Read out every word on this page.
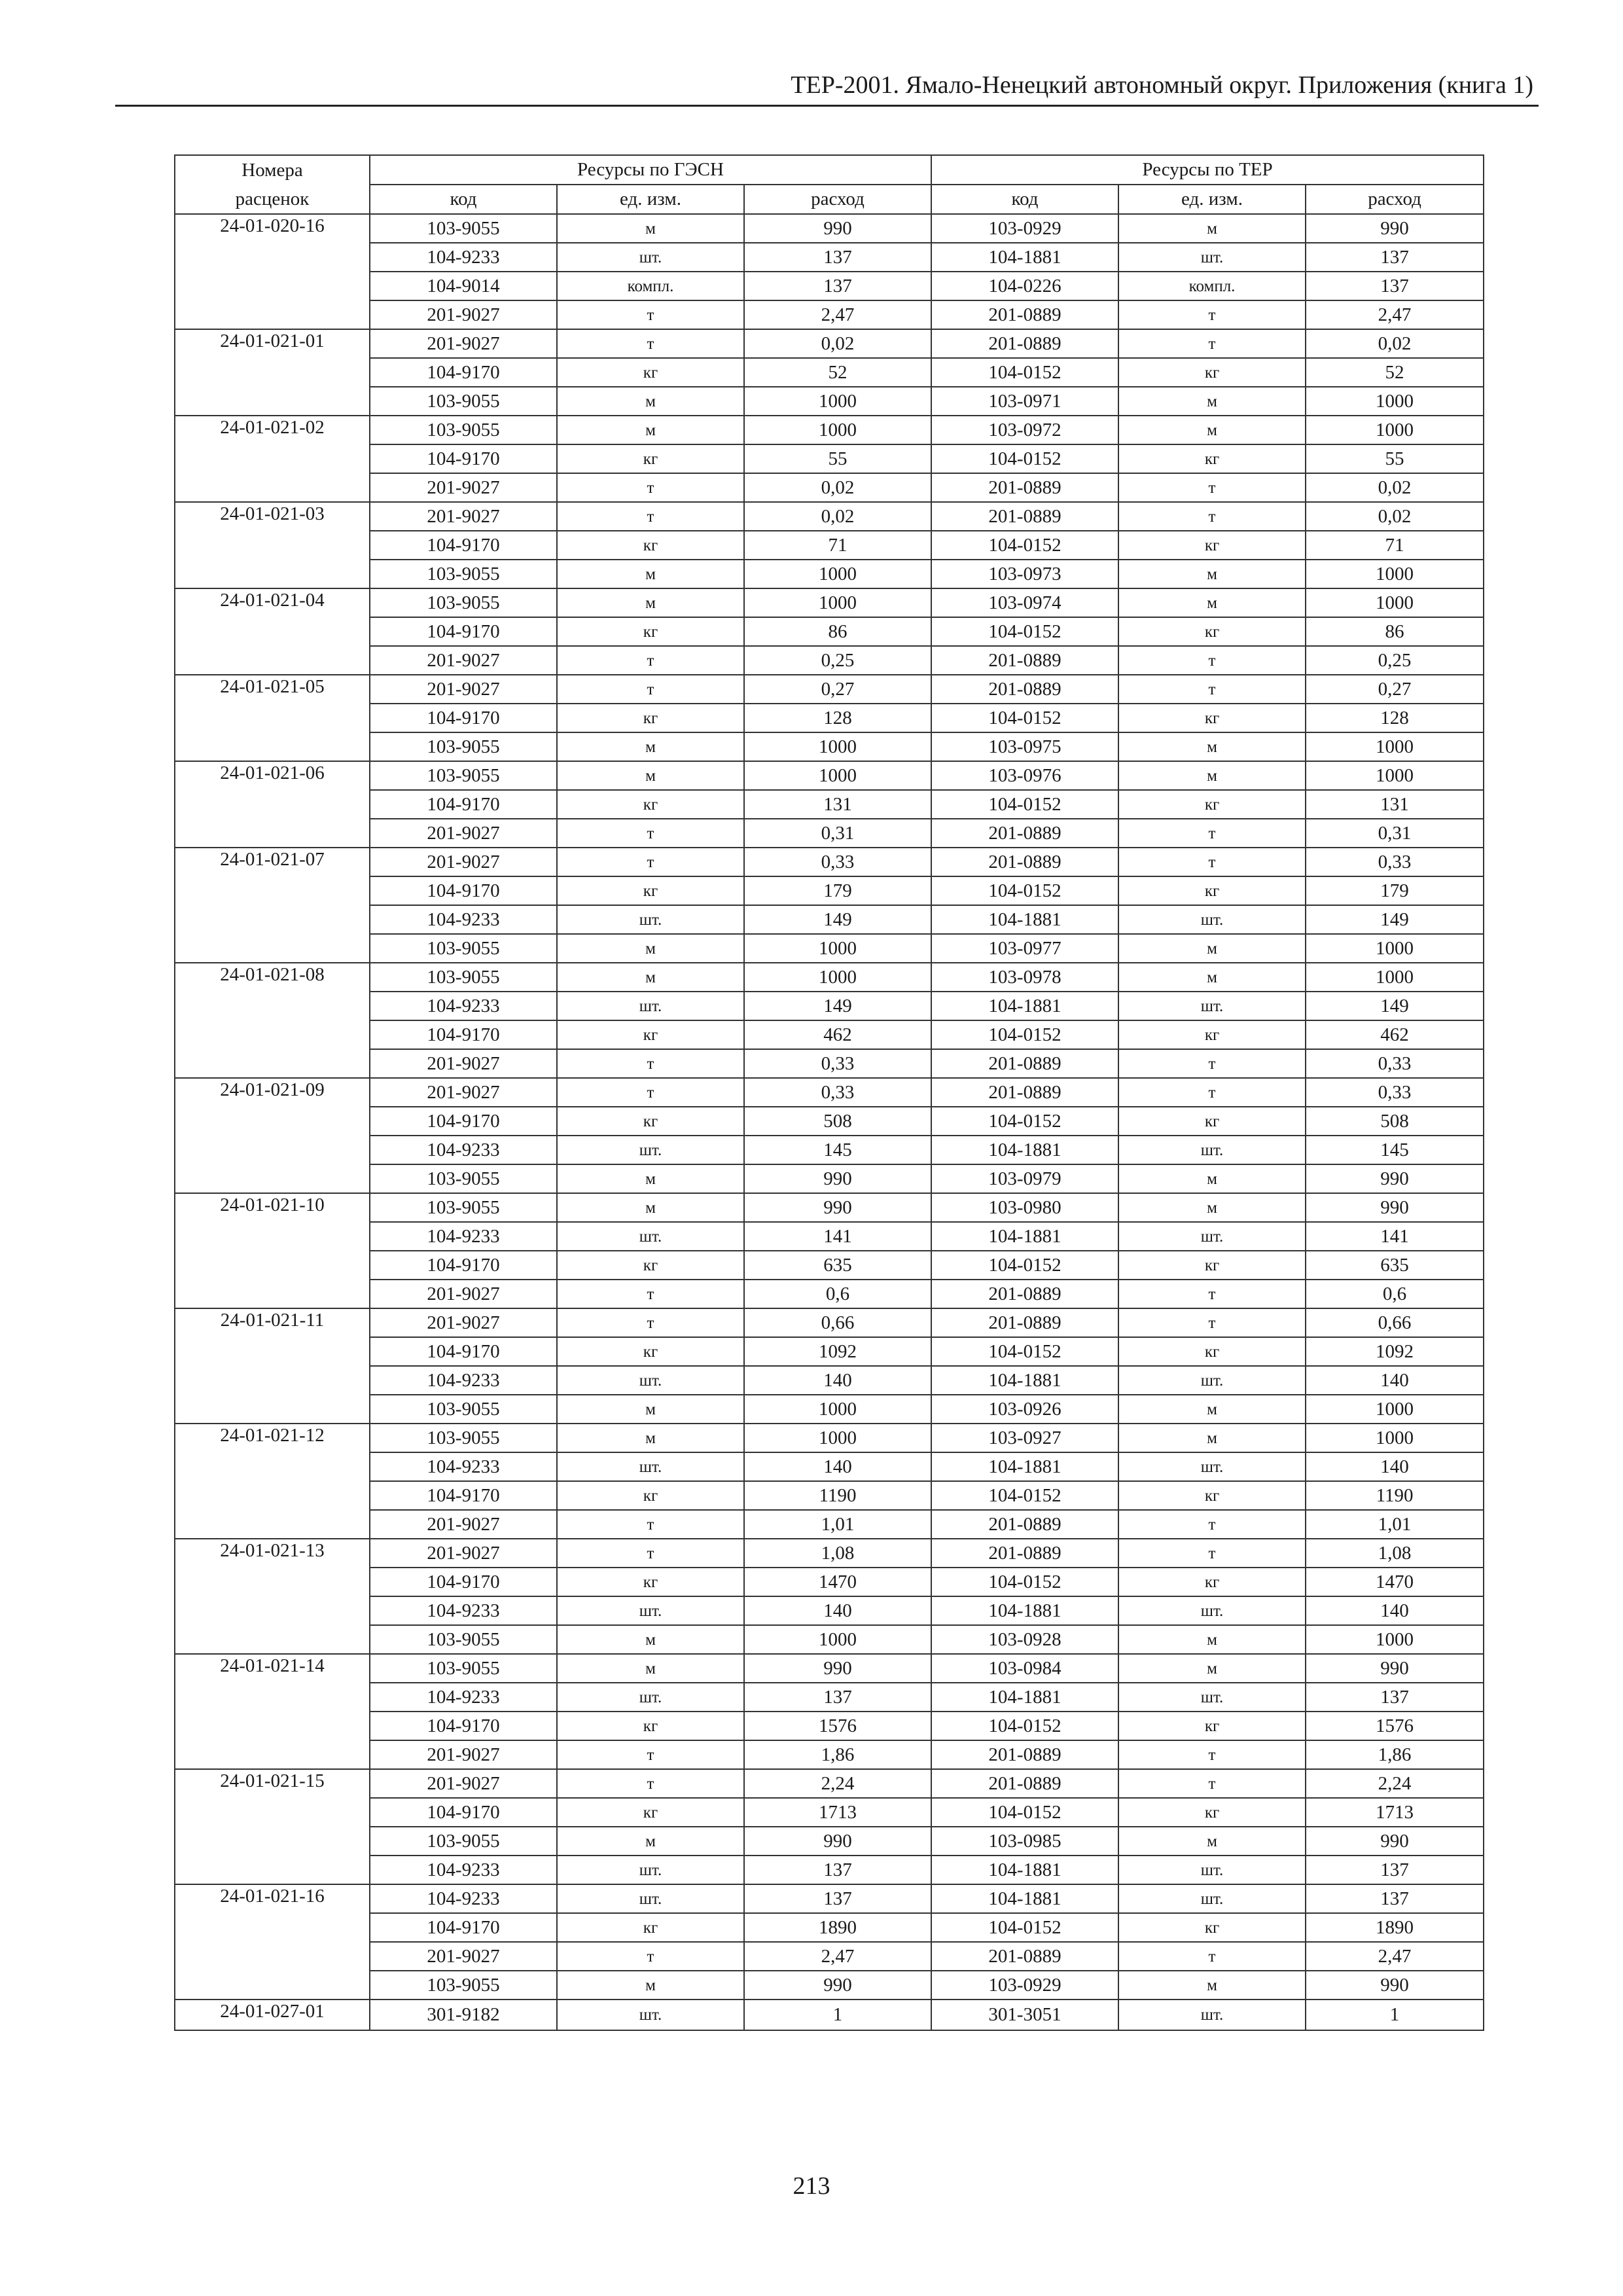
ТЕР-2001. Ямало-Ненецкий автономный округ. Приложения (книга 1)
Номера	Ресурсы по ГЭСН			Ресурсы по ТЕР		
расценок	код	ед. изм.	расход	код	ед. изм.	расход
24-01-020-16	103-9055	м	990	103-0929	м	990
	104-9233	шт.	137	104-1881	шт.	137
	104-9014	компл.	137	104-0226	компл.	137
	201-9027	т	2,47	201-0889	т	2,47
24-01-021-01	201-9027	т	0,02	201-0889	т	0,02
	104-9170	кг	52	104-0152	кг	52
	103-9055	м	1000	103-0971	м	1000
24-01-021-02	103-9055	м	1000	103-0972	м	1000
	104-9170	кг	55	104-0152	кг	55
	201-9027	т	0,02	201-0889	т	0,02
24-01-021-03	201-9027	т	0,02	201-0889	т	0,02
	104-9170	кг	71	104-0152	кг	71
	103-9055	м	1000	103-0973	м	1000
24-01-021-04	103-9055	м	1000	103-0974	м	1000
	104-9170	кг	86	104-0152	кг	86
	201-9027	т	0,25	201-0889	т	0,25
24-01-021-05	201-9027	т	0,27	201-0889	т	0,27
	104-9170	кг	128	104-0152	кг	128
	103-9055	м	1000	103-0975	м	1000
24-01-021-06	103-9055	м	1000	103-0976	м	1000
	104-9170	кг	131	104-0152	кг	131
	201-9027	т	0,31	201-0889	т	0,31
24-01-021-07	201-9027	т	0,33	201-0889	т	0,33
	104-9170	кг	179	104-0152	кг	179
	104-9233	шт.	149	104-1881	шт.	149
	103-9055	м	1000	103-0977	м	1000
24-01-021-08	103-9055	м	1000	103-0978	м	1000
	104-9233	шт.	149	104-1881	шт.	149
	104-9170	кг	462	104-0152	кг	462
	201-9027	т	0,33	201-0889	т	0,33
24-01-021-09	201-9027	т	0,33	201-0889	т	0,33
	104-9170	кг	508	104-0152	кг	508
	104-9233	шт.	145	104-1881	шт.	145
	103-9055	м	990	103-0979	м	990
24-01-021-10	103-9055	м	990	103-0980	м	990
	104-9233	шт.	141	104-1881	шт.	141
	104-9170	кг	635	104-0152	кг	635
	201-9027	т	0,6	201-0889	т	0,6
24-01-021-11	201-9027	т	0,66	201-0889	т	0,66
	104-9170	кг	1092	104-0152	кг	1092
	104-9233	шт.	140	104-1881	шт.	140
	103-9055	м	1000	103-0926	м	1000
24-01-021-12	103-9055	м	1000	103-0927	м	1000
	104-9233	шт.	140	104-1881	шт.	140
	104-9170	кг	1190	104-0152	кг	1190
	201-9027	т	1,01	201-0889	т	1,01
24-01-021-13	201-9027	т	1,08	201-0889	т	1,08
	104-9170	кг	1470	104-0152	кг	1470
	104-9233	шт.	140	104-1881	шт.	140
	103-9055	м	1000	103-0928	м	1000
24-01-021-14	103-9055	м	990	103-0984	м	990
	104-9233	шт.	137	104-1881	шт.	137
	104-9170	кг	1576	104-0152	кг	1576
	201-9027	т	1,86	201-0889	т	1,86
24-01-021-15	201-9027	т	2,24	201-0889	т	2,24
	104-9170	кг	1713	104-0152	кг	1713
	103-9055	м	990	103-0985	м	990
	104-9233	шт.	137	104-1881	шт.	137
24-01-021-16	104-9233	шт.	137	104-1881	шт.	137
	104-9170	кг	1890	104-0152	кг	1890
	201-9027	т	2,47	201-0889	т	2,47
	103-9055	м	990	103-0929	м	990
24-01-027-01	301-9182	шт.	1	301-3051	шт.	1
213
